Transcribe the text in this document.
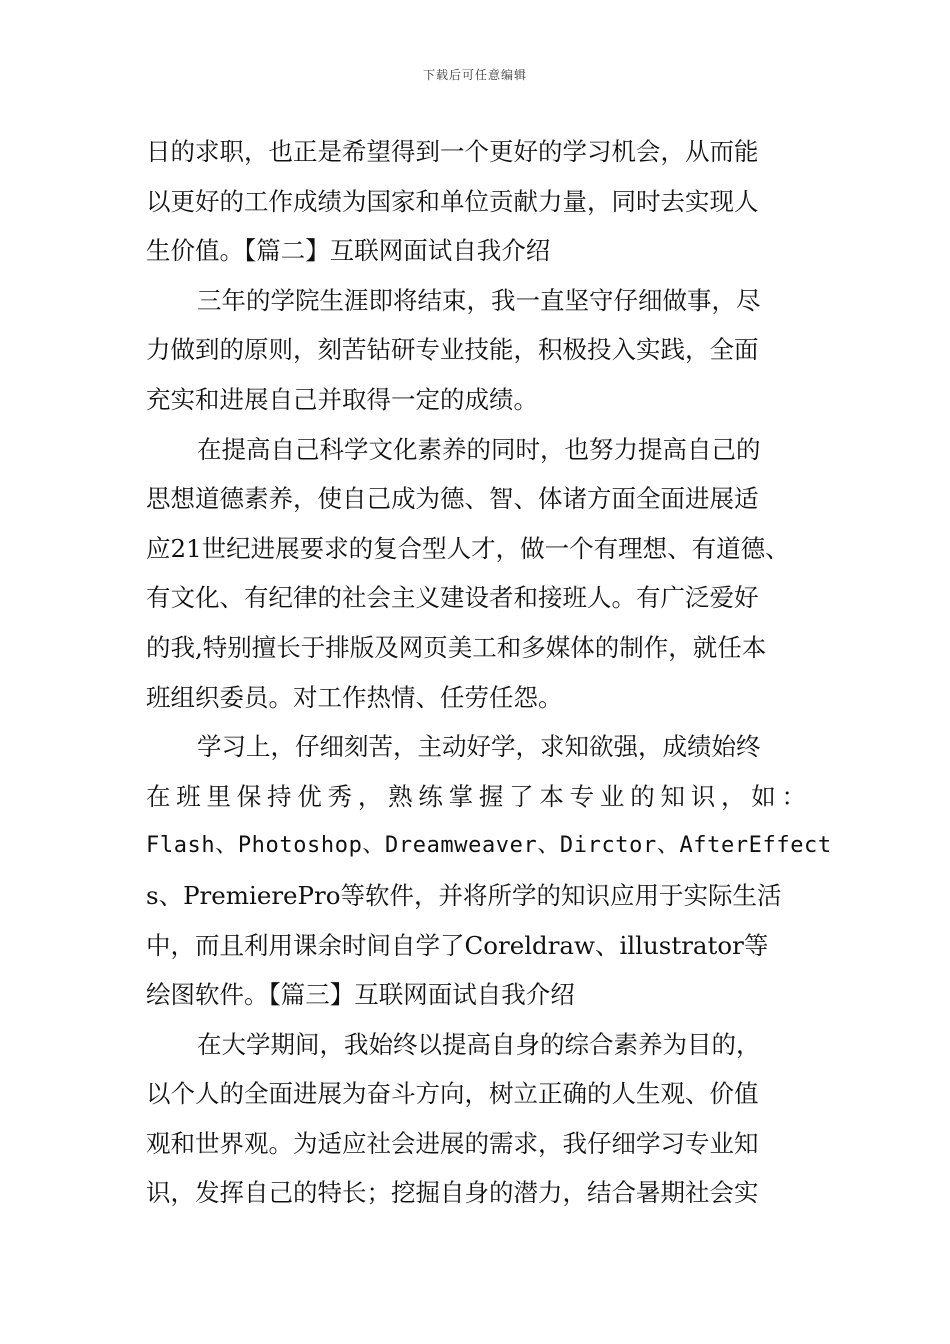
下载后可任意编辑
日的求职，也正是希望得到一个更好的学习机会，从而能
以更好的工作成绩为国家和单位贡献力量，同时去实现人
生价值。【篇二】互联网面试自我介绍
三年的学院生涯即将结束，我一直坚守仔细做事，尽
力做到的原则，刻苦钻研专业技能，积极投入实践，全面
充实和进展自己并取得一定的成绩。
在提高自己科学文化素养的同时，也努力提高自己的
思想道德素养，使自己成为德、智、体诸方面全面进展适
应21世纪进展要求的复合型人才，做一个有理想、有道德、
有文化、有纪律的社会主义建设者和接班人。有广泛爱好
的我,特别擅长于排版及网页美工和多媒体的制作，就任本
班组织委员。对工作热情、任劳任怨。
学习上，仔细刻苦，主动好学，求知欲强，成绩始终
在班里保持优秀，熟练掌握了本专业的知识，如：
Flash、Photoshop、Dreamweaver、Dirctor、AfterEffect
s、PremierePro等软件，并将所学的知识应用于实际生活
中，而且利用课余时间自学了Coreldraw、illustrator等
绘图软件。【篇三】互联网面试自我介绍
在大学期间，我始终以提高自身的综合素养为目的，
以个人的全面进展为奋斗方向，树立正确的人生观、价值
观和世界观。为适应社会进展的需求，我仔细学习专业知
识，发挥自己的特长；挖掘自身的潜力，结合暑期社会实
